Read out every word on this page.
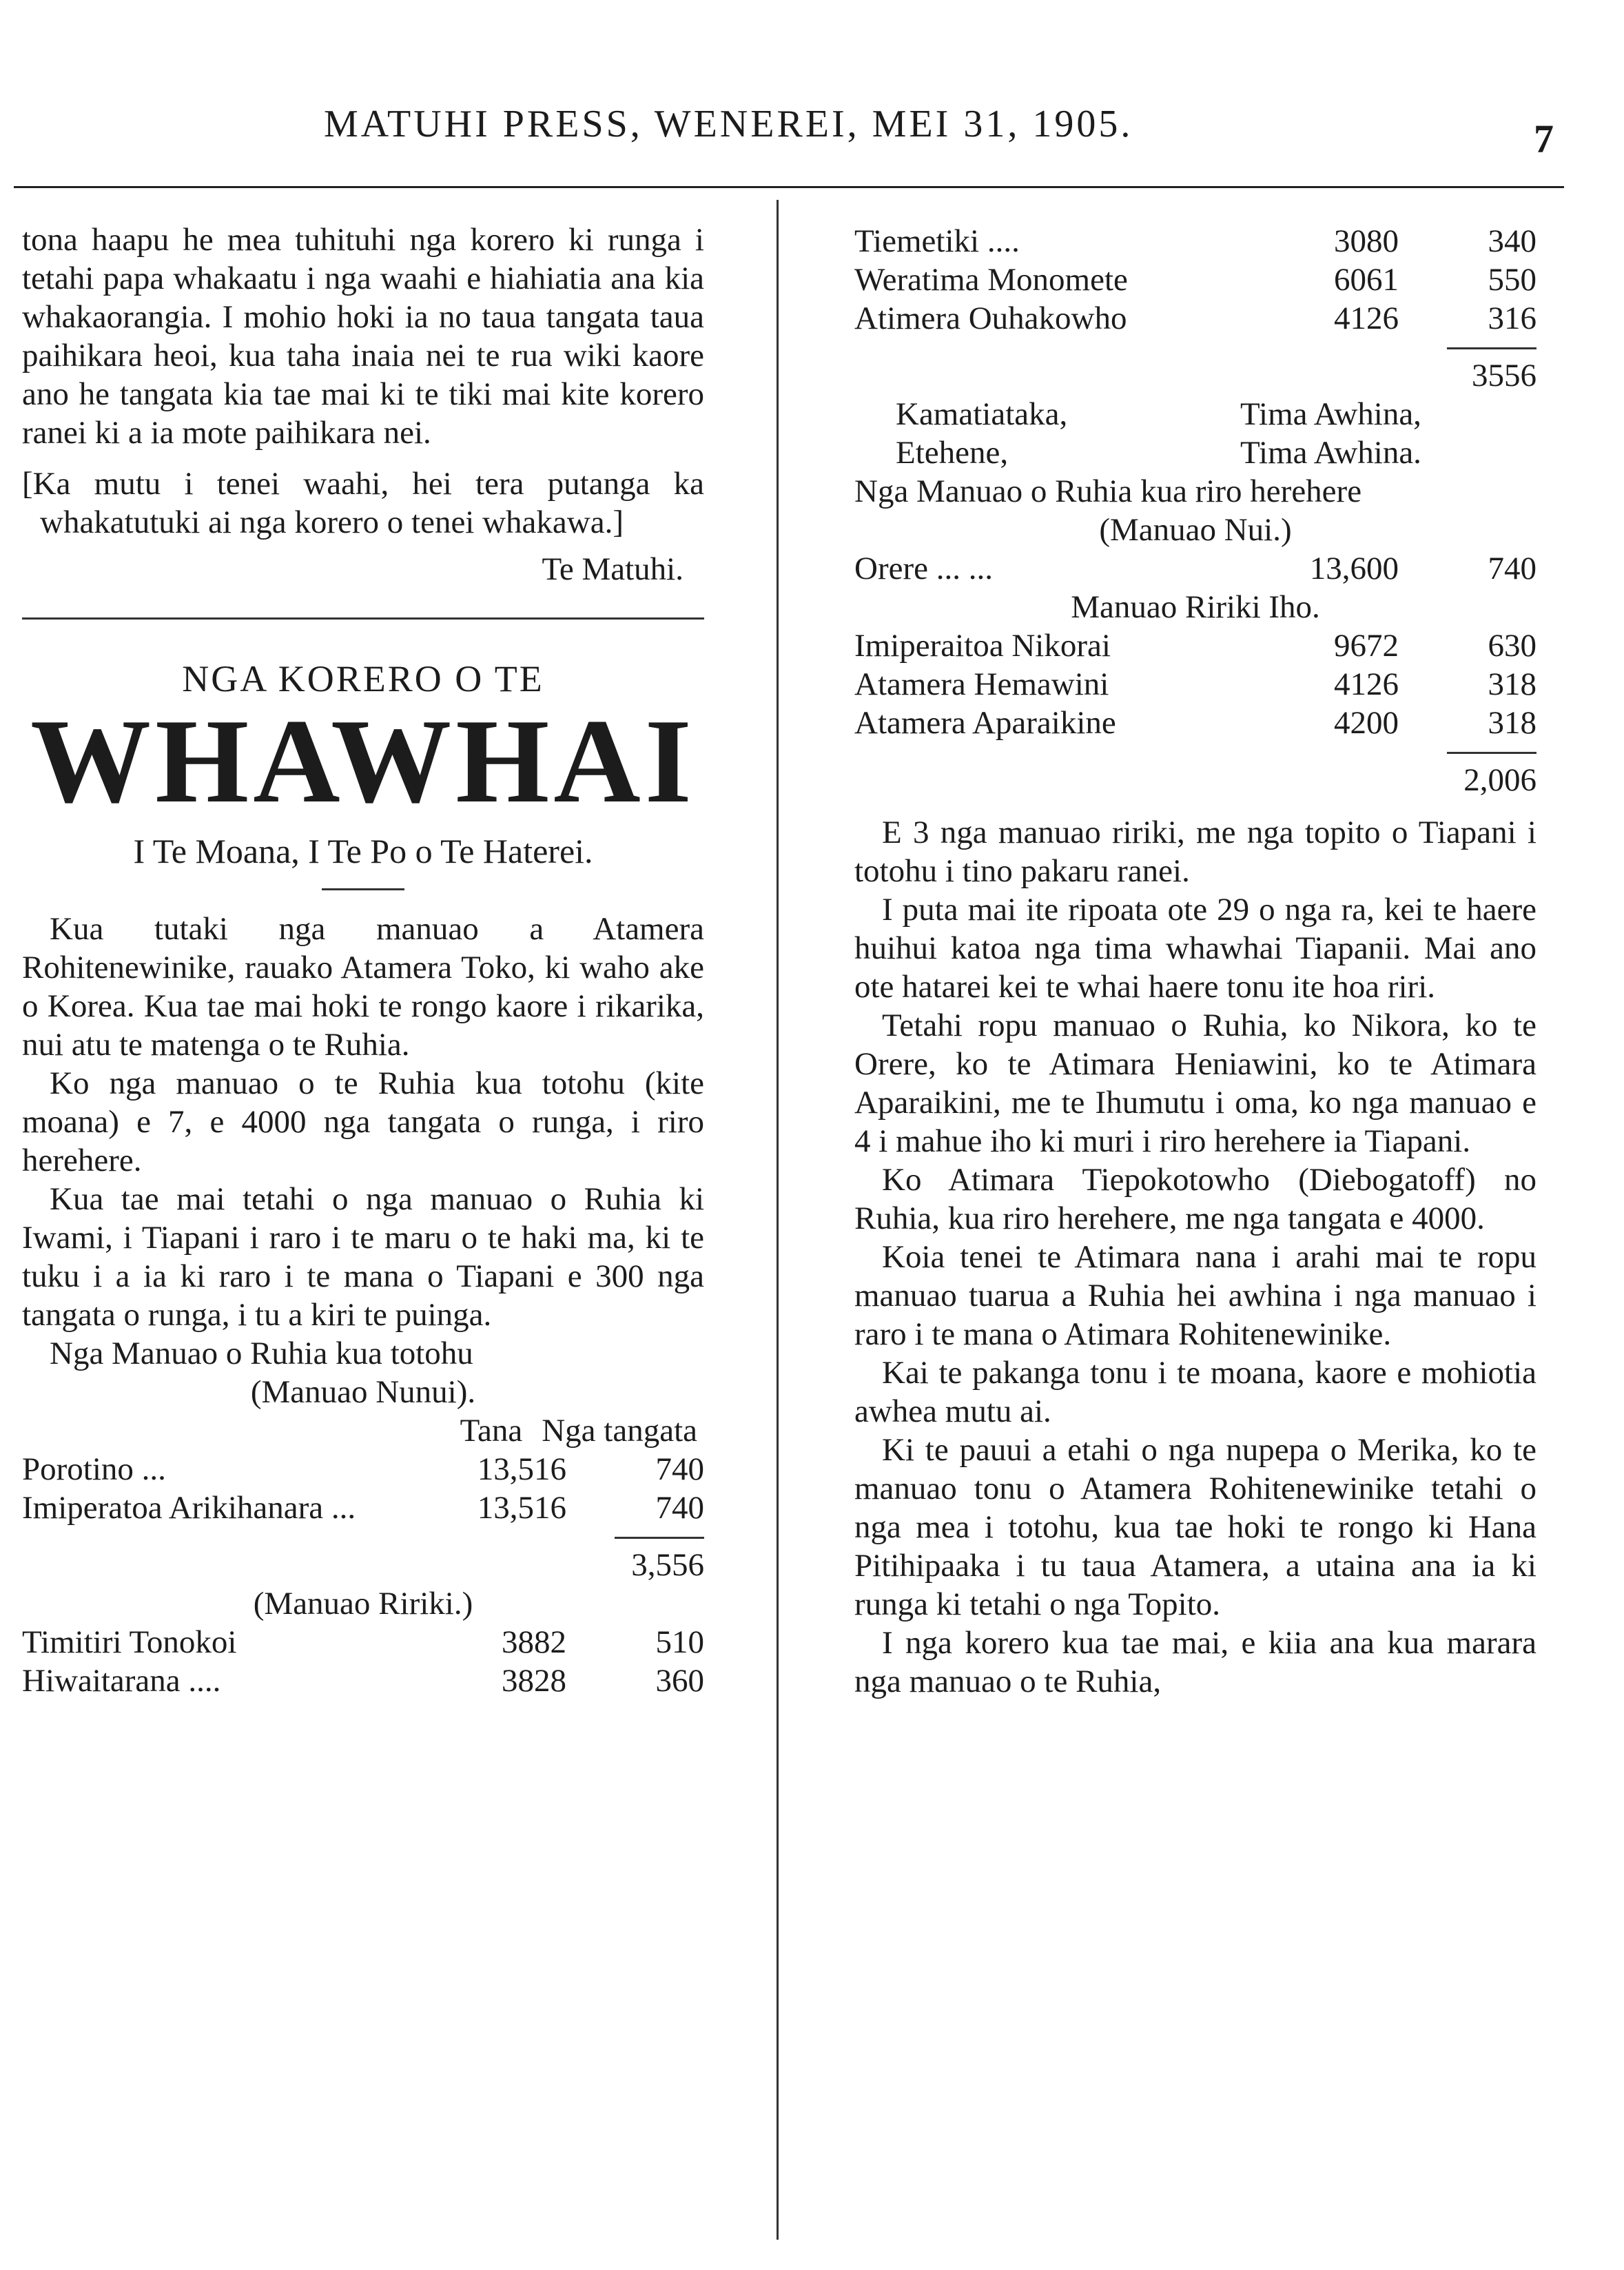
MATUHI PRESS, WENEREI, MEI 31, 1905.	7

tona haapu he mea tuhituhi nga korero ki runga i tetahi papa whakaatu i nga waahi e hiahiatia ana kia whakaorangia. I mohio hoki ia no taua tangata taua paihikara heoi, kua taha inaia nei te rua wiki kaore ano he tangata kia tae mai ki te tiki mai kite korero ranei ki a ia mote paihikara nei.

[Ka mutu i tenei waahi, hei tera putanga ka whakatutuki ai nga korero o tenei whakawa.]

Te Matuhi.

NGA KORERO O TE
WHAWHAI
I Te Moana, I Te Po o Te Haterei.

Kua tutaki nga manuao a Atamera Rohitenewinike, rauako Atamera Toko, ki waho ake o Korea. Kua tae mai hoki te rongo kaore i rikarika, nui atu te matenga o te Ruhia.

Ko nga manuao o te Ruhia kua totohu (kite moana) e 7, e 4000 nga tangata o runga, i riro herehere.

Kua tae mai tetahi o nga manuao o Ruhia ki Iwami, i Tiapani i raro i te maru o te haki ma, ki te tuku i a ia ki raro i te mana o Tiapani e 300 nga tangata o runga, i tu a kiri te puinga.

Nga Manuao o Ruhia kua totohu

(Manuao Nunui).

Tana Nga tangata
Porotino ...	13,516	740
Imiperatoa Arikihanara ...	13,516	740

3,556

(Manuao Ririki.)

Timitiri Tonokoi	3882	510
Hiwaitarana ....	3828	360
Tiemetiki ....	3080	340
Weratima Monomete	6061	550
Atimera Ouhakowho	4126	316

3556

Kamatiataka,	Tima Awhina,
Etehene,	Tima Awhina.

Nga Manuao o Ruhia kua riro herehere

(Manuao Nui.)

Orere ... ...	13,600	740

Manuao Ririki Iho.

Imiperaitoa Nikorai	9672	630
Atamera Hemawini	4126	318
Atamera Aparaikine	4200	318

2,006

E 3 nga manuao ririki, me nga topito o Tiapani i totohu i tino pakaru ranei.

I puta mai ite ripoata ote 29 o nga ra, kei te haere huihui katoa nga tima whawhai Tiapanii. Mai ano ote hatarei kei te whai haere tonu ite hoa riri.

Tetahi ropu manuao o Ruhia, ko Nikora, ko te Orere, ko te Atimara Heniawini, ko te Atimara Aparaikini, me te Ihumutu i oma, ko nga manuao e 4 i mahue iho ki muri i riro herehere ia Tiapani.

Ko Atimara Tiepokotowho (Diebogatoff) no Ruhia, kua riro herehere, me nga tangata e 4000.

Koia tenei te Atimara nana i arahi mai te ropu manuao tuarua a Ruhia hei awhina i nga manuao i raro i te mana o Atimara Rohitenewinike.

Kai te pakanga tonu i te moana, kaore e mohiotia awhea mutu ai.

Ki te pauui a etahi o nga nupepa o Merika, ko te manuao tonu o Atamera Rohitenewinike tetahi o nga mea i totohu, kua tae hoki te rongo ki Hana Pitihipaaka i tu taua Atamera, a utaina ana ia ki runga ki tetahi o nga Topito.

I nga korero kua tae mai, e kiia ana kua marara nga manuao o te Ruhia,
